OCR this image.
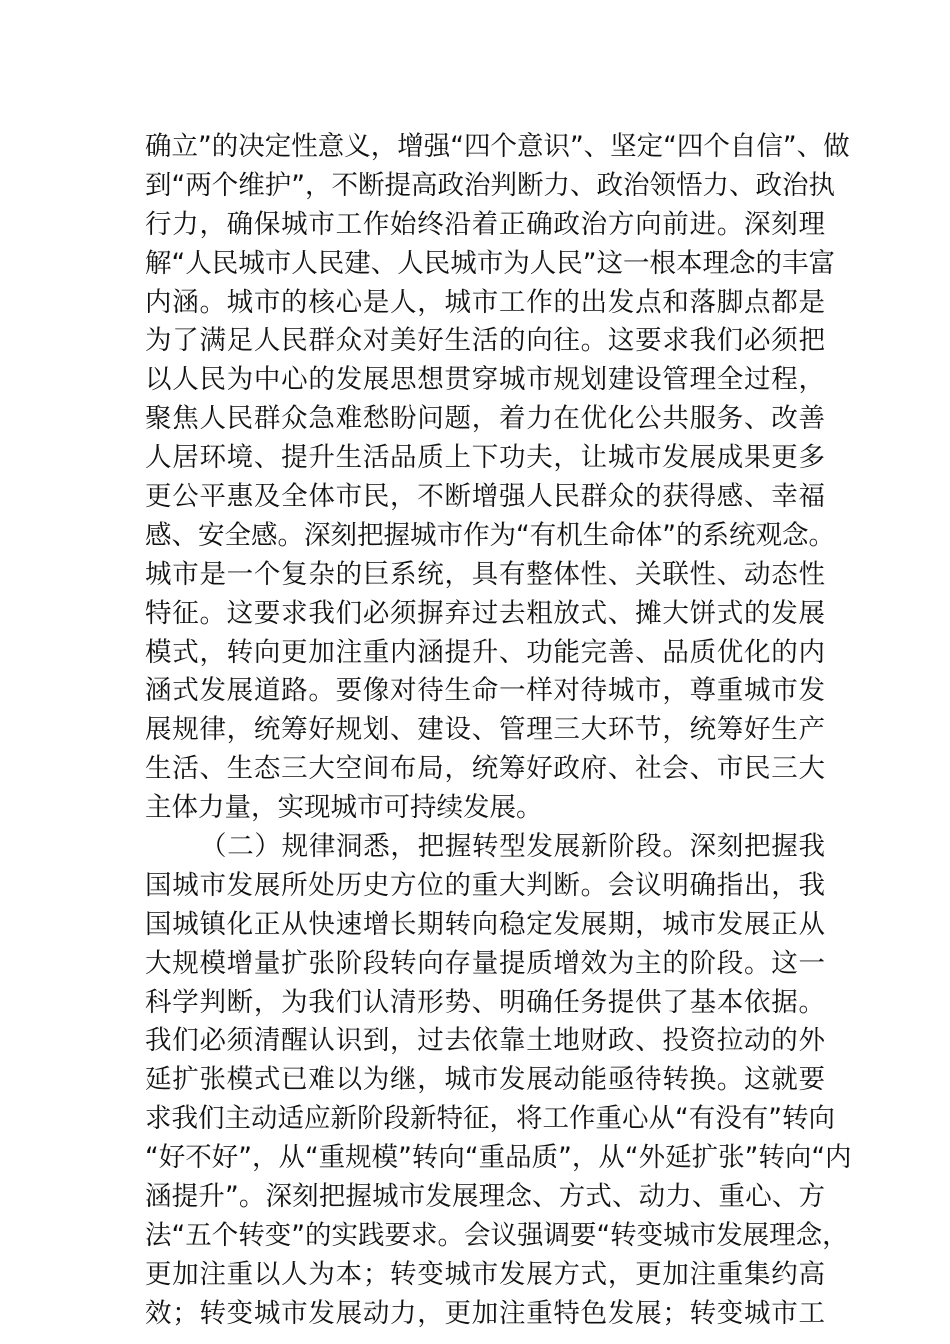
确立”的决定性意义，增强“四个意识”、坚定“四个自信”、做
到“两个维护”，不断提高政治判断力、政治领悟力、政治执
行力，确保城市工作始终沿着正确政治方向前进。深刻理
解“人民城市人民建、人民城市为人民”这一根本理念的丰富
内涵。城市的核心是人，城市工作的出发点和落脚点都是
为了满足人民群众对美好生活的向往。这要求我们必须把
以人民为中心的发展思想贯穿城市规划建设管理全过程，
聚焦人民群众急难愁盼问题，着力在优化公共服务、改善
人居环境、提升生活品质上下功夫，让城市发展成果更多
更公平惠及全体市民，不断增强人民群众的获得感、幸福
感、安全感。深刻把握城市作为“有机生命体”的系统观念。
城市是一个复杂的巨系统，具有整体性、关联性、动态性
特征。这要求我们必须摒弃过去粗放式、摊大饼式的发展
模式，转向更加注重内涵提升、功能完善、品质优化的内
涵式发展道路。要像对待生命一样对待城市，尊重城市发
展规律，统筹好规划、建设、管理三大环节，统筹好生产
生活、生态三大空间布局，统筹好政府、社会、市民三大
主体力量，实现城市可持续发展。
（二）规律洞悉，把握转型发展新阶段。深刻把握我
国城市发展所处历史方位的重大判断。会议明确指出，我
国城镇化正从快速增长期转向稳定发展期，城市发展正从
大规模增量扩张阶段转向存量提质增效为主的阶段。这一
科学判断，为我们认清形势、明确任务提供了基本依据。
我们必须清醒认识到，过去依靠土地财政、投资拉动的外
延扩张模式已难以为继，城市发展动能亟待转换。这就要
求我们主动适应新阶段新特征，将工作重心从“有没有”转向
“好不好”，从“重规模”转向“重品质”，从“外延扩张”转向“内
涵提升”。深刻把握城市发展理念、方式、动力、重心、方
法“五个转变”的实践要求。会议强调要“转变城市发展理念，
更加注重以人为本；转变城市发展方式，更加注重集约高
效；转变城市发展动力，更加注重特色发展；转变城市工
